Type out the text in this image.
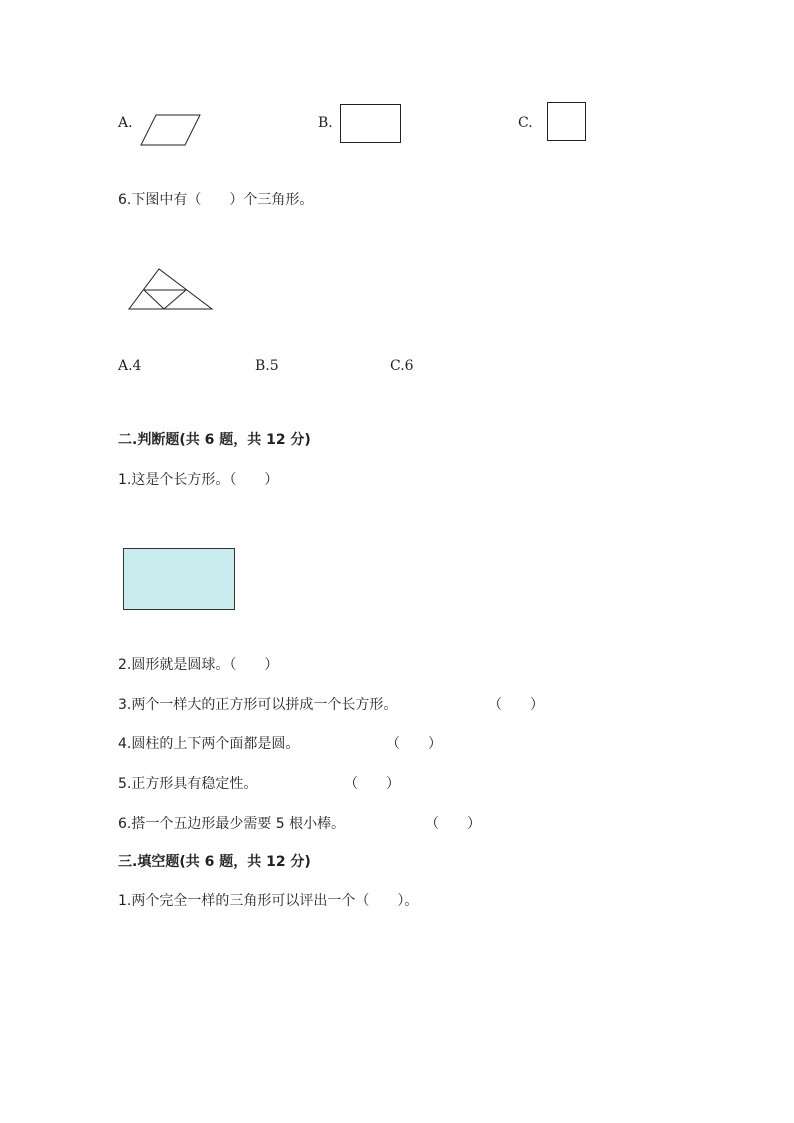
A.	B.	C.
6.下图中有（　　）个三角形。
A.4	B.5	C.6
二.判断题(共 6 题，共 12 分)
1.这是个长方形。（　　）
2.圆形就是圆球。（　　）
3.两个一样大的正方形可以拼成一个长方形。	（　　）
4.圆柱的上下两个面都是圆。	（　　）
5.正方形具有稳定性。	（　　）
6.搭一个五边形最少需要 5 根小棒。	（　　）
三.填空题(共 6 题，共 12 分)
1.两个完全一样的三角形可以评出一个（　　）。
